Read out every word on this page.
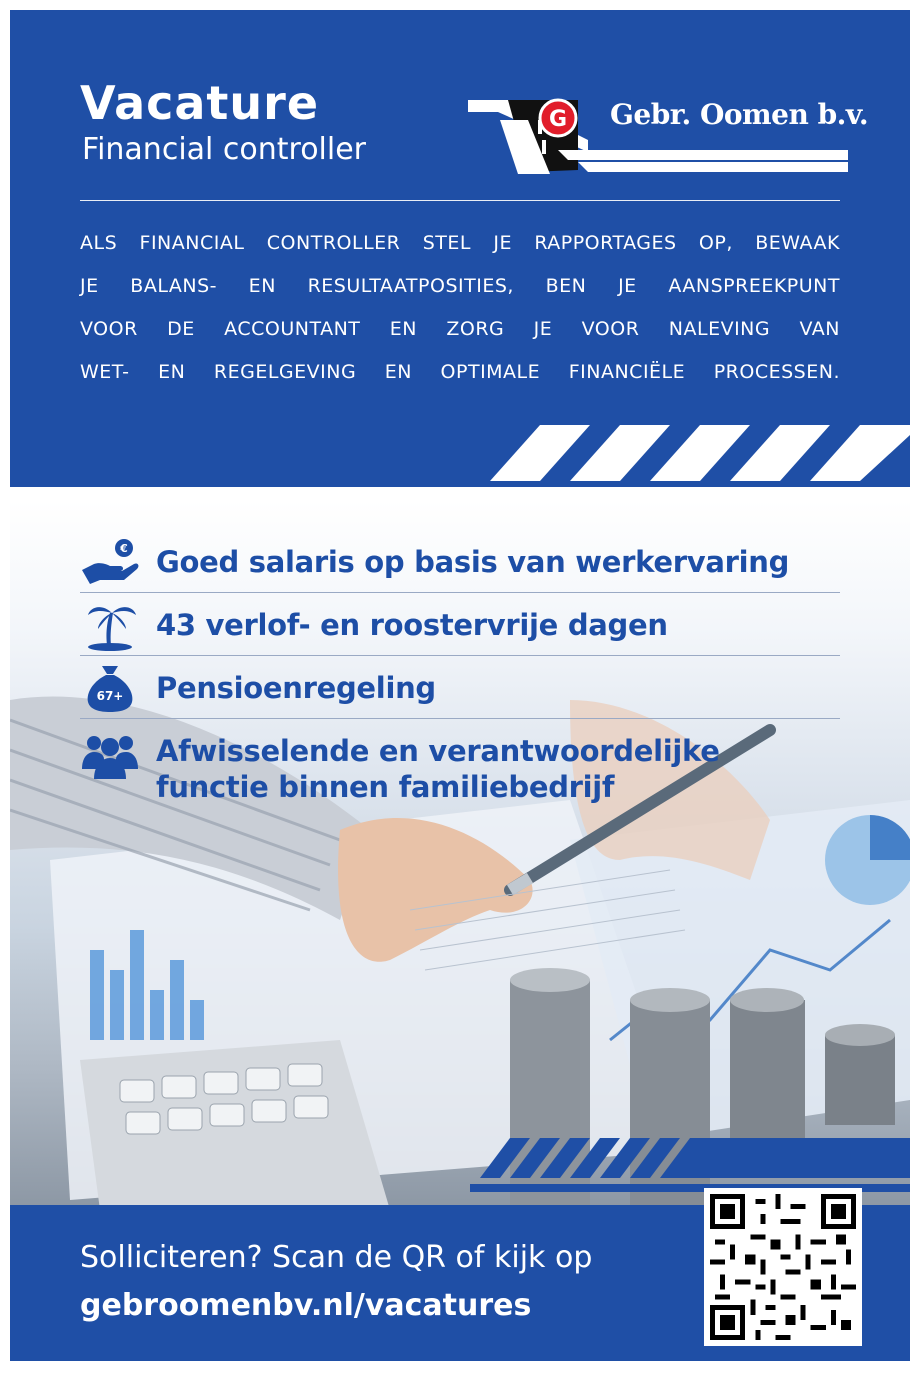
Vacature
Financial controller
G Gebr. Oomen b.v.
ALS FINANCIAL CONTROLLER STEL JE RAPPORTAGES OP, BEWAAK
JE BALANS- EN RESULTAATPOSITIES, BEN JE AANSPREEKPUNT
VOOR DE ACCOUNTANT EN ZORG JE VOOR NALEVING VAN
WET- EN REGELGEVING EN OPTIMALE FINANCIËLE PROCESSEN.
€ Goed salaris op basis van werkervaring
43 verlof- en roostervrije dagen
67+ Pensioenregeling
Afwisselende en verantwoordelijke
functie binnen familiebedrijf
Solliciteren? Scan de QR of kijk op
gebroomenbv.nl/vacatures
